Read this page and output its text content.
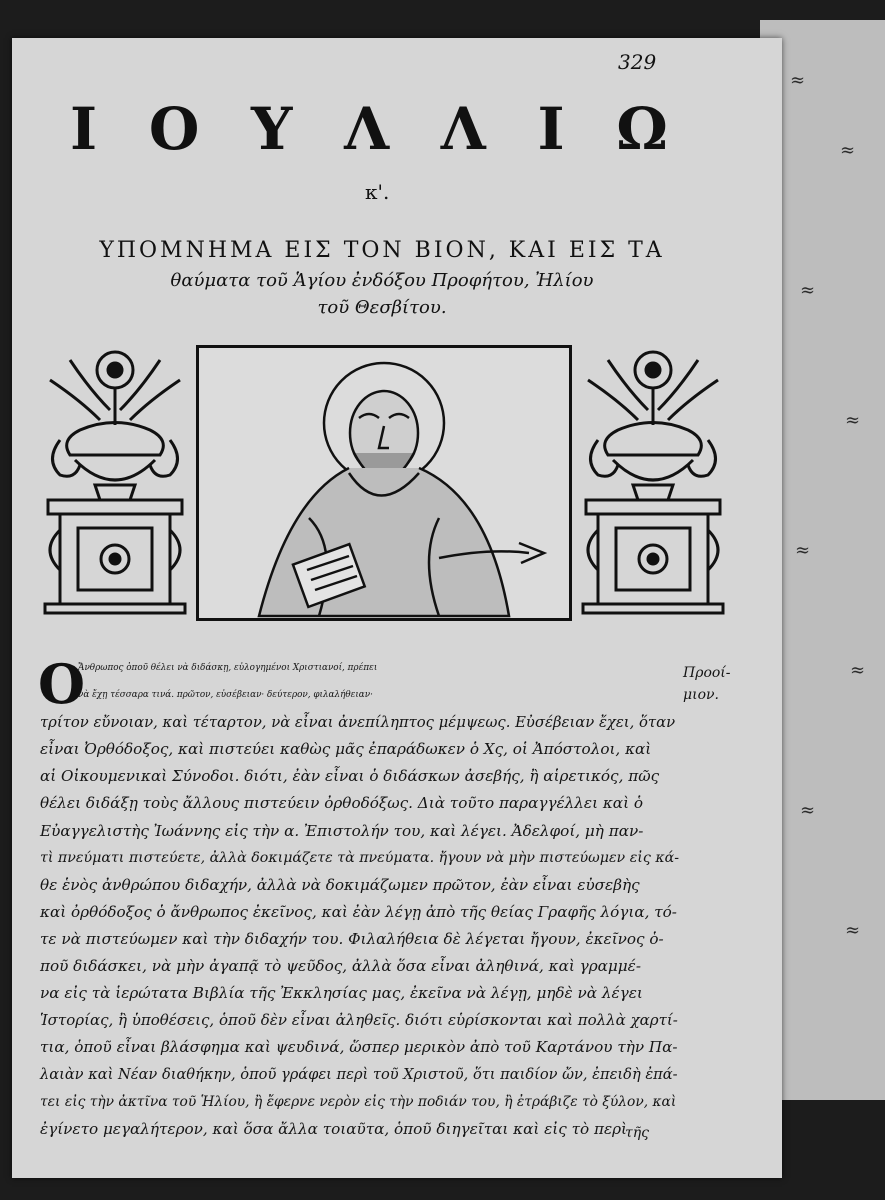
≈
≈
≈
≈
≈
≈
≈
≈
329
Ι Ο Υ Λ Λ Ι Ω
κ'.
ΥΠΟΜΝΗΜΑ ΕΙΣ ΤΟΝ ΒΙΟΝ, ΚΑΙ ΕΙΣ ΤΑ
θαύματα τοῦ Ἁγίου ἐνδόξου Προφήτου, Ἠλίου
τοῦ Θεσβίτου.
Ο

Ἄνθρωπος ὁποῦ θέλει νὰ διδάσκῃ, εὐλογημένοι Χριστιανοί, πρέπει

νὰ ἔχῃ τέσσαρα τινά. πρῶτον, εὐσέβειαν· δεύτερον, φιλαλήθειαν·

τρίτον εὔνοιαν, καὶ τέταρτον, νὰ εἶναι ἀνεπίληπτος μέμψεως. Εὐσέβειαν ἔχει, ὅταν

εἶναι Ὀρθόδοξος, καὶ πιστεύει καθὼς μᾶς ἐπαράδωκεν ὁ Χς, οἱ Ἀπόστολοι, καὶ

αἱ Οἰκουμενικαὶ Σύνοδοι. διότι, ἐὰν εἶναι ὁ διδάσκων ἀσεβής, ἢ αἱρετικός, πῶς

θέλει διδάξῃ τοὺς ἄλλους πιστεύειν ὀρθοδόξως. Διὰ τοῦτο παραγγέλλει καὶ ὁ

Εὐαγγελιστὴς Ἰωάννης εἰς τὴν α. Ἐπιστολήν του, καὶ λέγει. Ἀδελφοί, μὴ παν-

τὶ πνεύματι πιστεύετε, ἀλλὰ δοκιμάζετε τὰ πνεύματα. ἤγουν νὰ μὴν πιστεύωμεν εἰς κά-

θε ἑνὸς ἀνθρώπου διδαχήν, ἀλλὰ νὰ δοκιμάζωμεν πρῶτον, ἐὰν εἶναι εὐσεβὴς

καὶ ὀρθόδοξος ὁ ἄνθρωπος ἐκεῖνος, καὶ ἐὰν λέγῃ ἀπὸ τῆς θείας Γραφῆς λόγια, τό-

τε νὰ πιστεύωμεν καὶ τὴν διδαχήν του. Φιλαλήθεια δὲ λέγεται ἤγουν, ἐκεῖνος ὁ-

ποῦ διδάσκει, νὰ μὴν ἀγαπᾷ τὸ ψεῦδος, ἀλλὰ ὅσα εἶναι ἀληθινά, καὶ γραμμέ-

να εἰς τὰ ἱερώτατα Βιβλία τῆς Ἐκκλησίας μας, ἐκεῖνα νὰ λέγῃ, μηδὲ νὰ λέγει

Ἱστορίας, ἢ ὑποθέσεις, ὁποῦ δὲν εἶναι ἀληθεῖς. διότι εὑρίσκονται καὶ πολλὰ χαρτί-

τια, ὁποῦ εἶναι βλάσφημα καὶ ψευδινά, ὥσπερ μερικὸν ἀπὸ τοῦ Καρτάνου τὴν Πα-

λαιὰν καὶ Νέαν διαθήκην, ὁποῦ γράφει περὶ τοῦ Χριστοῦ, ὅτι παιδίον ὤν, ἐπειδὴ ἐπά-

τει εἰς τὴν ἀκτῖνα τοῦ Ἡλίου, ἢ ἔφερνε νερὸν εἰς τὴν ποδιάν του, ἢ ἐτράβιζε τὸ ξύλον, καὶ

ἐγίνετο μεγαλήτερον, καὶ ὅσα ἄλλα τοιαῦτα, ὁποῦ διηγεῖται καὶ εἰς τὸ περὶ

Προοί-μιον.
τῆς
